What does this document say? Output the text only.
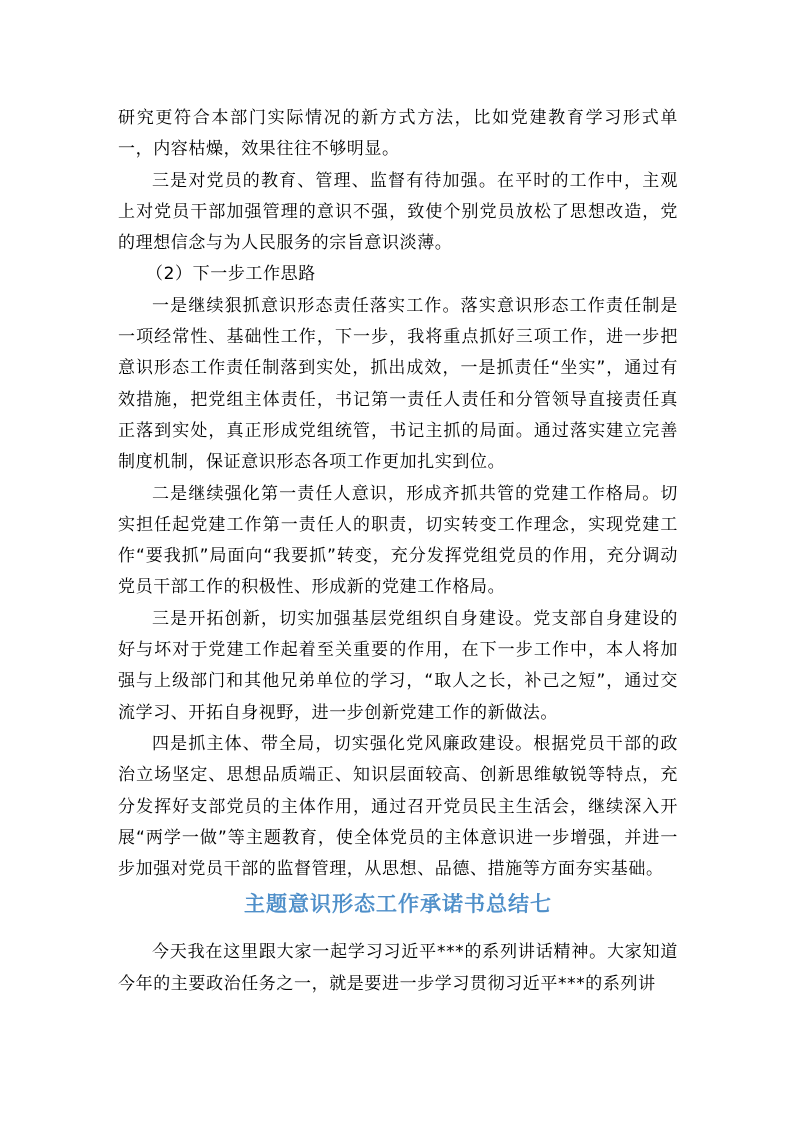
研究更符合本部门实际情况的新方式方法，比如党建教育学习形式单一，内容枯燥，效果往往不够明显。

三是对党员的教育、管理、监督有待加强。在平时的工作中，主观上对党员干部加强管理的意识不强，致使个别党员放松了思想改造，党的理想信念与为人民服务的宗旨意识淡薄。

（2）下一步工作思路

一是继续狠抓意识形态责任落实工作。落实意识形态工作责任制是一项经常性、基础性工作，下一步，我将重点抓好三项工作，进一步把意识形态工作责任制落到实处，抓出成效，一是抓责任“坐实”，通过有效措施，把党组主体责任，书记第一责任人责任和分管领导直接责任真正落到实处，真正形成党组统管，书记主抓的局面。通过落实建立完善制度机制，保证意识形态各项工作更加扎实到位。

二是继续强化第一责任人意识，形成齐抓共管的党建工作格局。切实担任起党建工作第一责任人的职责，切实转变工作理念，实现党建工作“要我抓”局面向“我要抓”转变，充分发挥党组党员的作用，充分调动党员干部工作的积极性、形成新的党建工作格局。

三是开拓创新，切实加强基层党组织自身建设。党支部自身建设的好与坏对于党建工作起着至关重要的作用，在下一步工作中，本人将加强与上级部门和其他兄弟单位的学习，“取人之长，补己之短”，通过交流学习、开拓自身视野，进一步创新党建工作的新做法。

四是抓主体、带全局，切实强化党风廉政建设。根据党员干部的政治立场坚定、思想品质端正、知识层面较高、创新思维敏锐等特点，充分发挥好支部党员的主体作用，通过召开党员民主生活会，继续深入开展“两学一做”等主题教育，使全体党员的主体意识进一步增强，并进一步加强对党员干部的监督管理，从思想、品德、措施等方面夯实基础。

主题意识形态工作承诺书总结七

今天我在这里跟大家一起学习习近平***的系列讲话精神。大家知道今年的主要政治任务之一，就是要进一步学习贯彻习近平***的系列讲
